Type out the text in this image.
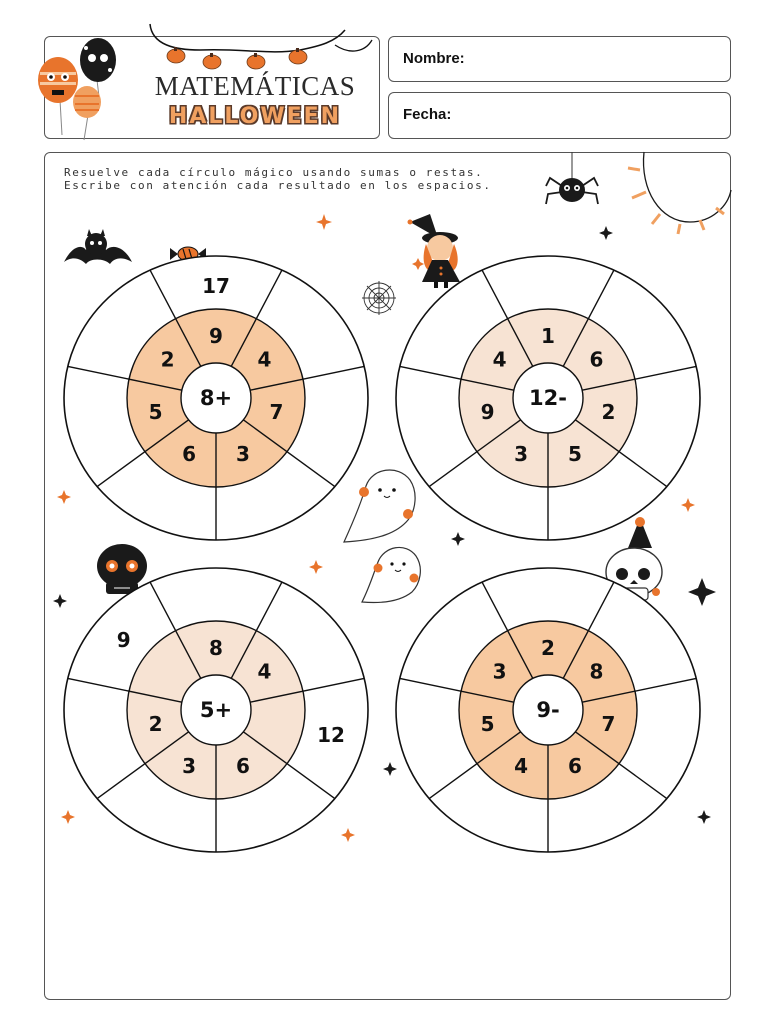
Nombre:
Fecha:
MATEMÁTICAS
HALLOWEEN
Resuelve cada círculo mágico usando sumas o restas. Escribe con atención cada resultado en los espacios.
8+
9
17
4
7
3
6
5
2
12-
1
6
2
5
3
9
4
5+
8
4
12
6
3
2
9
9-
2
8
7
6
4
5
3
